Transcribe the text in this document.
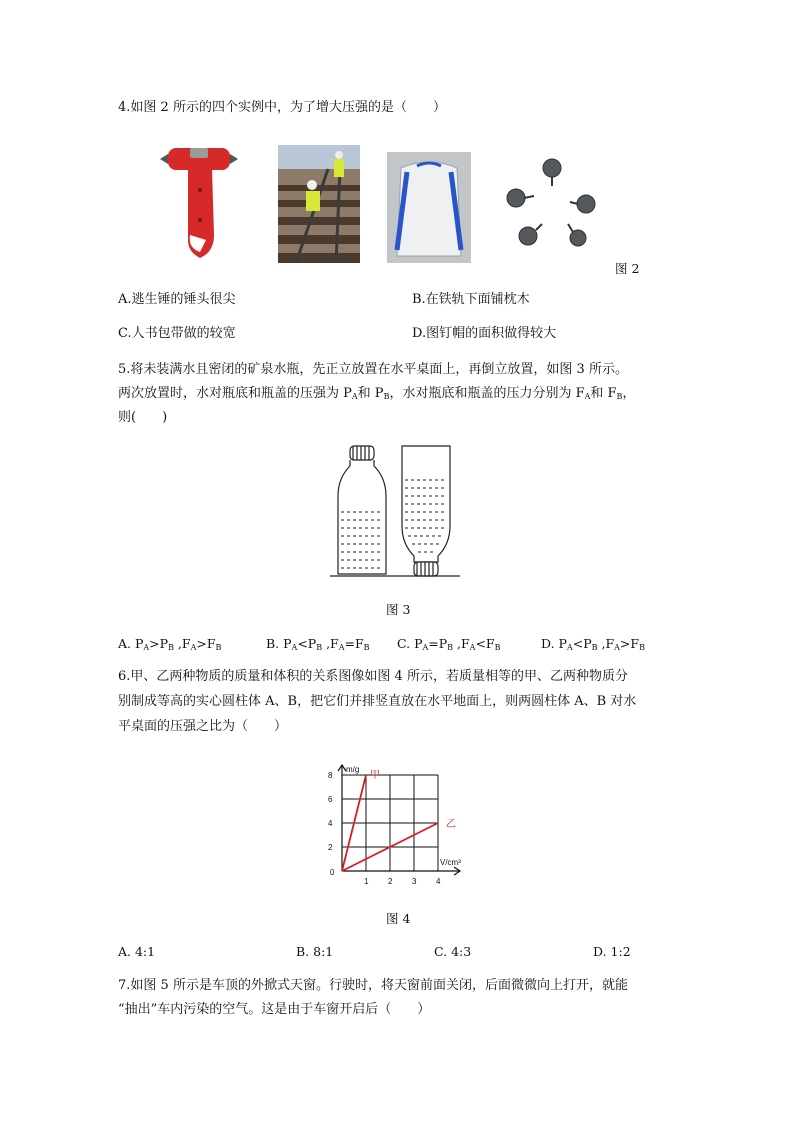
4.如图 2 所示的四个实例中，为了增大压强的是（　　）
图 2
A.逃生锤的锤头很尖	B.在铁轨下面铺枕木
C.人书包带做的较宽	D.图钉帽的面积做得较大
5.将未装满水且密闭的矿泉水瓶，先正立放置在水平桌面上，再倒立放置，如图 3 所示。
两次放置时，水对瓶底和瓶盖的压强为 $P_A$和 $P_B$，水对瓶底和瓶盖的压力分别为 $F_A$和 $F_B$，
则(　　)
图 3
A. $P_A>P_B$ $,F_A>F_B$	B. $P_A<P_B$ $,F_A=F_B$ C. $P_A=P_B$ $,F_A<F_B$	D. $P_A<P_B$ $,F_A>F_B$
6.甲、乙两种物质的质量和体积的关系图像如图 4 所示，若质量相等的甲、乙两种物质分
别制成等高的实心圆柱体 A、B，把它们并排竖直放在水平地面上，则两圆柱体 A、B 对水
平桌面的压强之比为（　　）
0
1 2 3 4
2
4
6
8
m/g
V/cm³
甲
乙
图 4
A. 4:1	B. 8:1	C. 4:3	D. 1:2
7.如图 5 所示是车顶的外掀式天窗。行驶时，将天窗前面关闭，后面微微向上打开，就能
“抽出”车内污染的空气。这是由于车窗开启后（　　）
